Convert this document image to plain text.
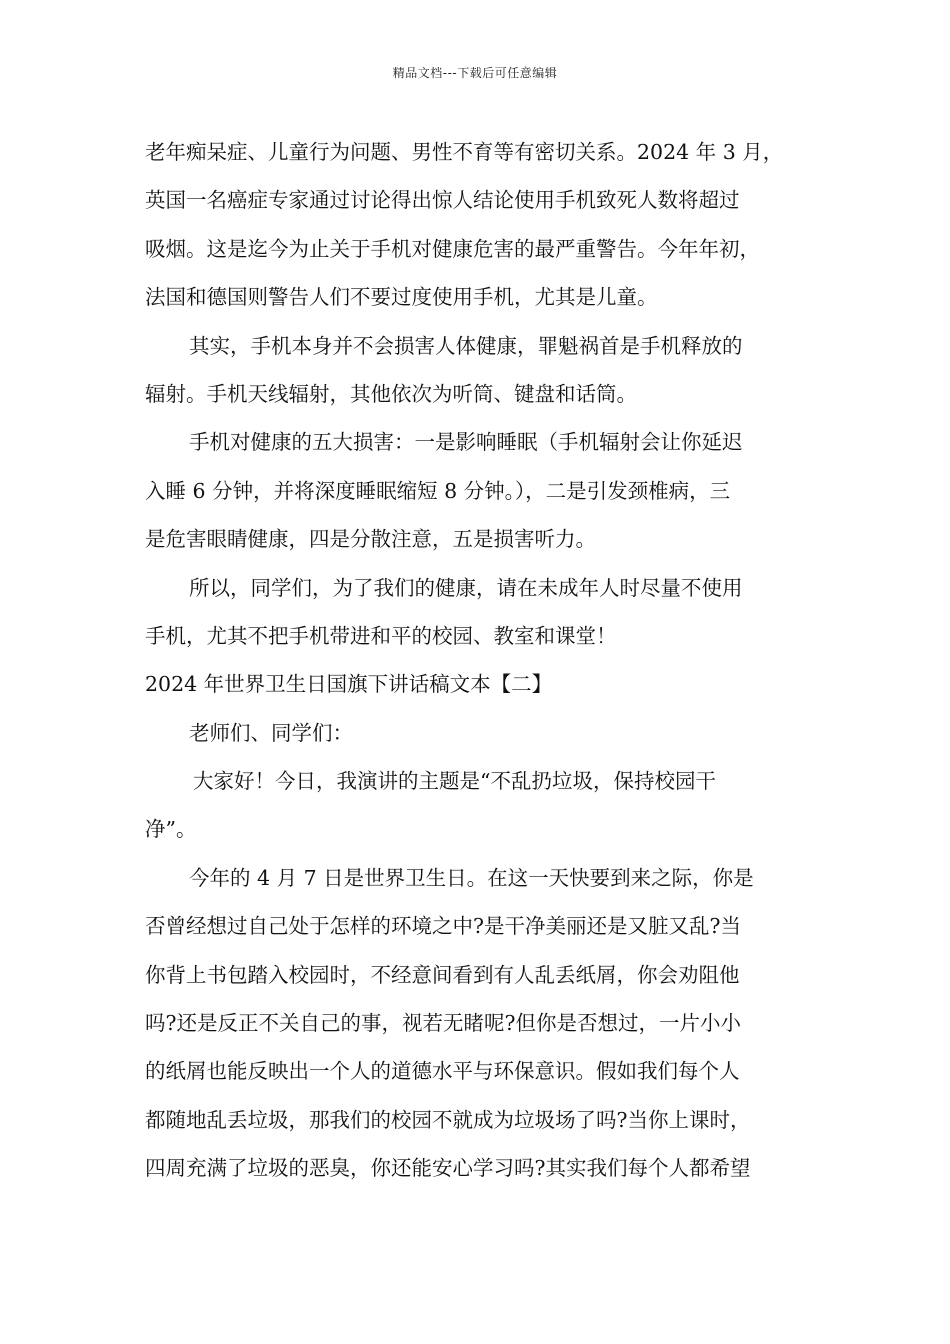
精品文档---下载后可任意编辑
老年痴呆症、儿童行为问题、男性不育等有密切关系。2024 年 3 月，
英国一名癌症专家通过讨论得出惊人结论使用手机致死人数将超过
吸烟。这是迄今为止关于手机对健康危害的最严重警告。今年年初，
法国和德国则警告人们不要过度使用手机，尤其是儿童。
其实，手机本身并不会损害人体健康，罪魁祸首是手机释放的
辐射。手机天线辐射，其他依次为听筒、键盘和话筒。
手机对健康的五大损害：一是影响睡眠（手机辐射会让你延迟
入睡 6 分钟，并将深度睡眠缩短 8 分钟。），二是引发颈椎病，三
是危害眼睛健康，四是分散注意，五是损害听力。
所以，同学们，为了我们的健康，请在未成年人时尽量不使用
手机，尤其不把手机带进和平的校园、教室和课堂！
2024 年世界卫生日国旗下讲话稿文本【二】
老师们、同学们：
大家好！今日，我演讲的主题是“不乱扔垃圾，保持校园干
净”。
今年的 4 月 7 日是世界卫生日。在这一天快要到来之际，你是
否曾经想过自己处于怎样的环境之中?是干净美丽还是又脏又乱?当
你背上书包踏入校园时，不经意间看到有人乱丢纸屑，你会劝阻他
吗?还是反正不关自己的事，视若无睹呢?但你是否想过，一片小小
的纸屑也能反映出一个人的道德水平与环保意识。假如我们每个人
都随地乱丢垃圾，那我们的校园不就成为垃圾场了吗?当你上课时，
四周充满了垃圾的恶臭，你还能安心学习吗?其实我们每个人都希望
